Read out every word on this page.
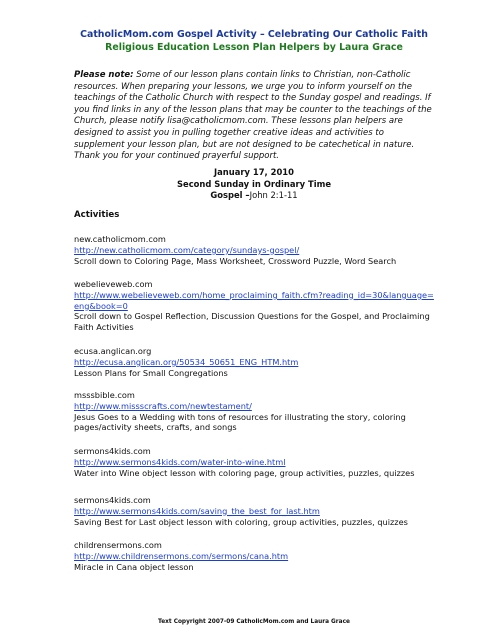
CatholicMom.com Gospel Activity – Celebrating Our Catholic Faith
Religious Education Lesson Plan Helpers by Laura Grace
Please note: Some of our lesson plans contain links to Christian, non-Catholic resources. When preparing your lessons, we urge you to inform yourself on the teachings of the Catholic Church with respect to the Sunday gospel and readings. If you find links in any of the lesson plans that may be counter to the teachings of the Church, please notify lisa@catholicmom.com. These lessons plan helpers are designed to assist you in pulling together creative ideas and activities to supplement your lesson plan, but are not designed to be catechetical in nature. Thank you for your continued prayerful support.
January 17, 2010
Second Sunday in Ordinary Time
Gospel –John 2:1-11
Activities
new.catholicmom.com
http://new.catholicmom.com/category/sundays-gospel/
Scroll down to Coloring Page, Mass Worksheet, Crossword Puzzle, Word Search
webelieveweb.com
http://www.webelieveweb.com/home_proclaiming_faith.cfm?reading_id=30&language=eng&book=0
Scroll down to Gospel Reflection, Discussion Questions for the Gospel, and Proclaiming Faith Activities
ecusa.anglican.org
http://ecusa.anglican.org/50534_50651_ENG_HTM.htm
Lesson Plans for Small Congregations
msssbible.com
http://www.missscrafts.com/newtestament/
Jesus Goes to a Wedding with tons of resources for illustrating the story, coloring pages/activity sheets, crafts, and songs
sermons4kids.com
http://www.sermons4kids.com/water-into-wine.html
Water into Wine object lesson with coloring page, group activities, puzzles, quizzes
sermons4kids.com
http://www.sermons4kids.com/saving_the_best_for_last.htm
Saving Best for Last object lesson with coloring, group activities, puzzles, quizzes
childrensermons.com
http://www.childrensermons.com/sermons/cana.htm
Miracle in Cana object lesson
Text Copyright 2007-09 CatholicMom.com and Laura Grace
